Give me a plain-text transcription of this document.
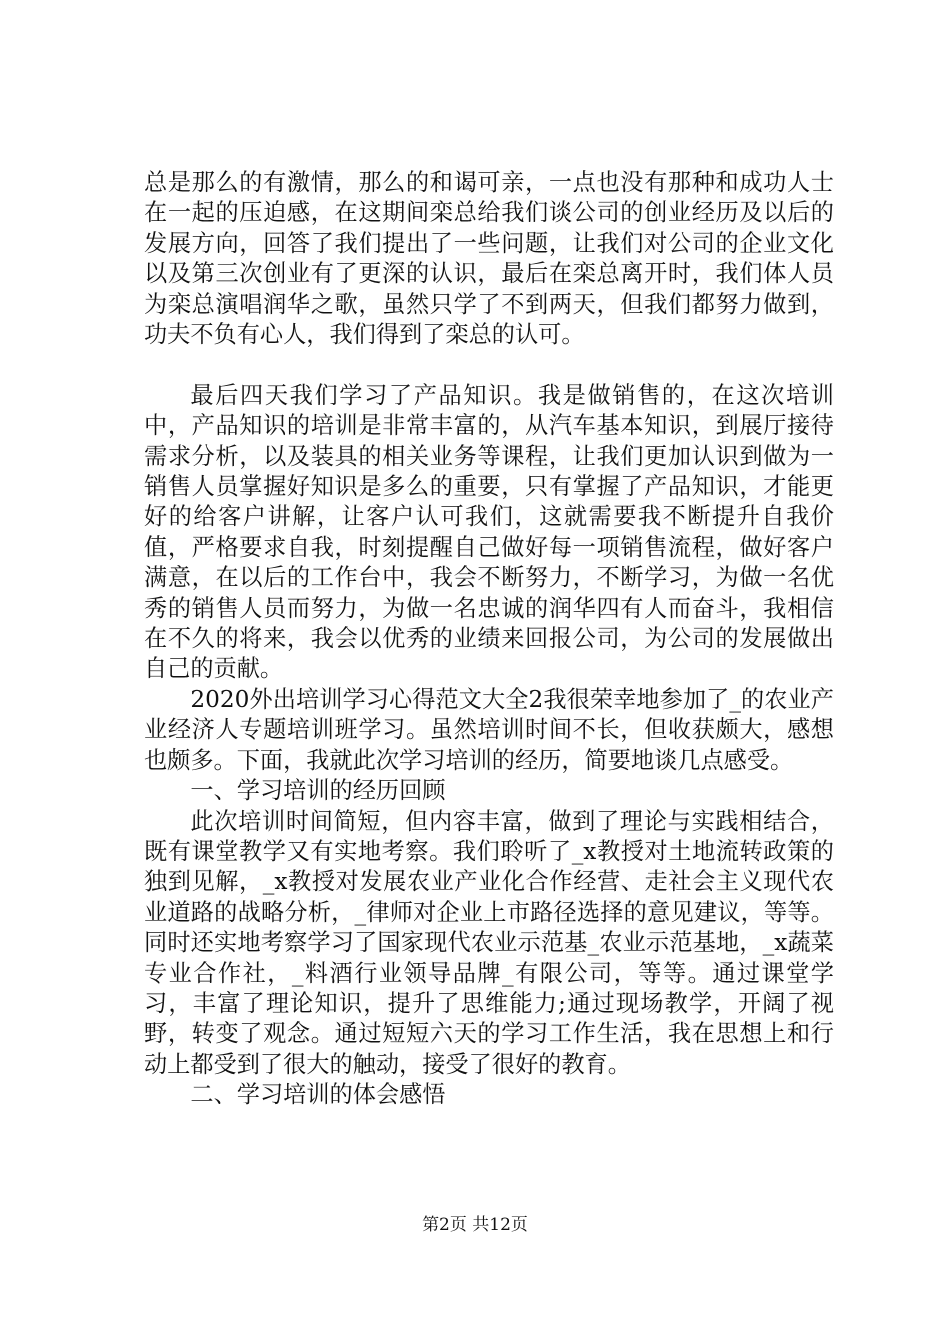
总是那么的有激情，那么的和谒可亲，一点也没有那种和成功人士在一起的压迫感，在这期间栾总给我们谈公司的创业经历及以后的发展方向，回答了我们提出了一些问题，让我们对公司的企业文化以及第三次创业有了更深的认识，最后在栾总离开时，我们体人员为栾总演唱润华之歌，虽然只学了不到两天，但我们都努力做到，功夫不负有心人，我们得到了栾总的认可。

最后四天我们学习了产品知识。我是做销售的，在这次培训中，产品知识的培训是非常丰富的，从汽车基本知识，到展厅接待需求分析，以及装具的相关业务等课程，让我们更加认识到做为一销售人员掌握好知识是多么的重要，只有掌握了产品知识，才能更好的给客户讲解，让客户认可我们，这就需要我不断提升自我价值，严格要求自我，时刻提醒自己做好每一项销售流程，做好客户满意，在以后的工作台中，我会不断努力，不断学习，为做一名优秀的销售人员而努力，为做一名忠诚的润华四有人而奋斗，我相信在不久的将来，我会以优秀的业绩来回报公司，为公司的发展做出自己的贡献。

2020外出培训学习心得范文大全2我很荣幸地参加了_的农业产业经济人专题培训班学习。虽然培训时间不长，但收获颇大，感想也颇多。下面，我就此次学习培训的经历，简要地谈几点感受。

一、学习培训的经历回顾

此次培训时间简短，但内容丰富，做到了理论与实践相结合，既有课堂教学又有实地考察。我们聆听了_x教授对土地流转政策的独到见解，_x教授对发展农业产业化合作经营、走社会主义现代农业道路的战略分析，_律师对企业上市路径选择的意见建议，等等。同时还实地考察学习了国家现代农业示范基_农业示范基地，_x蔬菜专业合作社，_料酒行业领导品牌_有限公司，等等。通过课堂学习，丰富了理论知识，提升了思维能力;通过现场教学，开阔了视野，转变了观念。通过短短六天的学习工作生活，我在思想上和行动上都受到了很大的触动，接受了很好的教育。

二、学习培训的体会感悟

第2页 共12页
